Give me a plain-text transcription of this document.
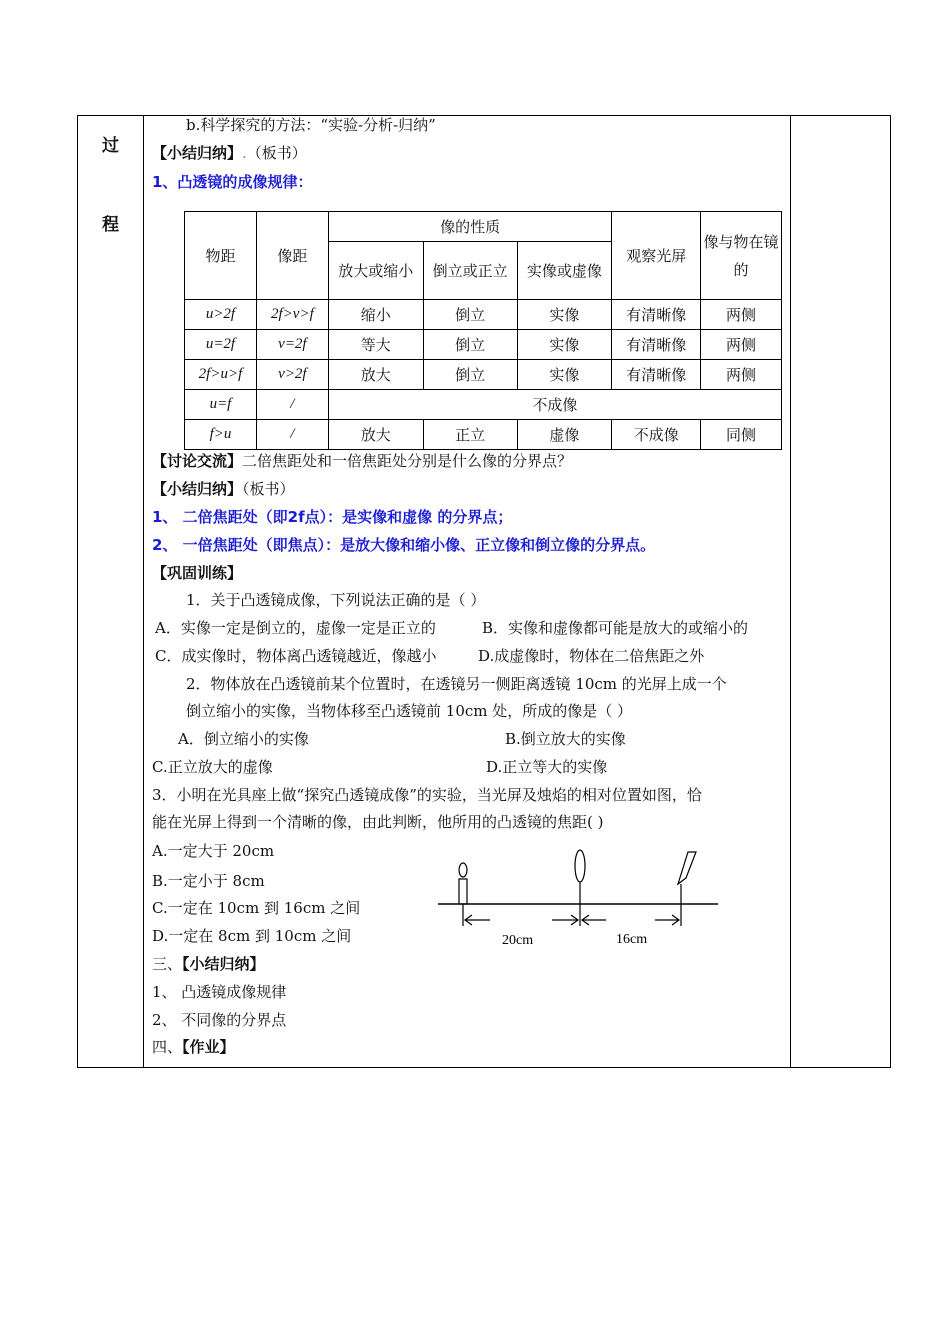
过
程
b.科学探究的方法：“实验-分析-归纳”
【小结归纳】.（板书）
1、凸透镜的成像规律：
物距	像距	像的性质			观察光屏	像与物在镜的
		放大或缩小	倒立或正立	实像或虚像		
u>2f	2f>v>f	缩小	倒立	实像	有清晰像	两侧
u=2f	v=2f	等大	倒立	实像	有清晰像	两侧
2f>u>f	v>2f	放大	倒立	实像	有清晰像	两侧
u=f	/	不成像				
f>u	/	放大	正立	虚像	不成像	同侧
【讨论交流】二倍焦距处和一倍焦距处分别是什么像的分界点？
【小结归纳】（板书）
1、 二倍焦距处（即2f点）：是实像和虚像 的分界点；
2、 一倍焦距处（即焦点）：是放大像和缩小像、正立像和倒立像的分界点。
【巩固训练】
1．关于凸透镜成像，下列说法正确的是（ ）
A．实像一定是倒立的，虚像一定是正立的	B．实像和虚像都可能是放大的或缩小的
C．成实像时，物体离凸透镜越近，像越小	D.成虚像时，物体在二倍焦距之外
2．物体放在凸透镜前某个位置时，在透镜另一侧距离透镜 10cm 的光屏上成一个
倒立缩小的实像，当物体移至凸透镜前 10cm 处，所成的像是（ ）
A．倒立缩小的实像	B.倒立放大的实像
C.正立放大的虚像	D.正立等大的实像
3．小明在光具座上做“探究凸透镜成像”的实验，当光屏及烛焰的相对位置如图，恰
能在光屏上得到一个清晰的像，由此判断，他所用的凸透镜的焦距( )
A.一定大于 20cm
B.一定小于 8cm
C.一定在 10cm 到 16cm 之间
D.一定在 8cm 到 10cm 之间	20cm	16cm
三、【小结归纳】
1、 凸透镜成像规律
2、 不同像的分界点
四、【作业】
